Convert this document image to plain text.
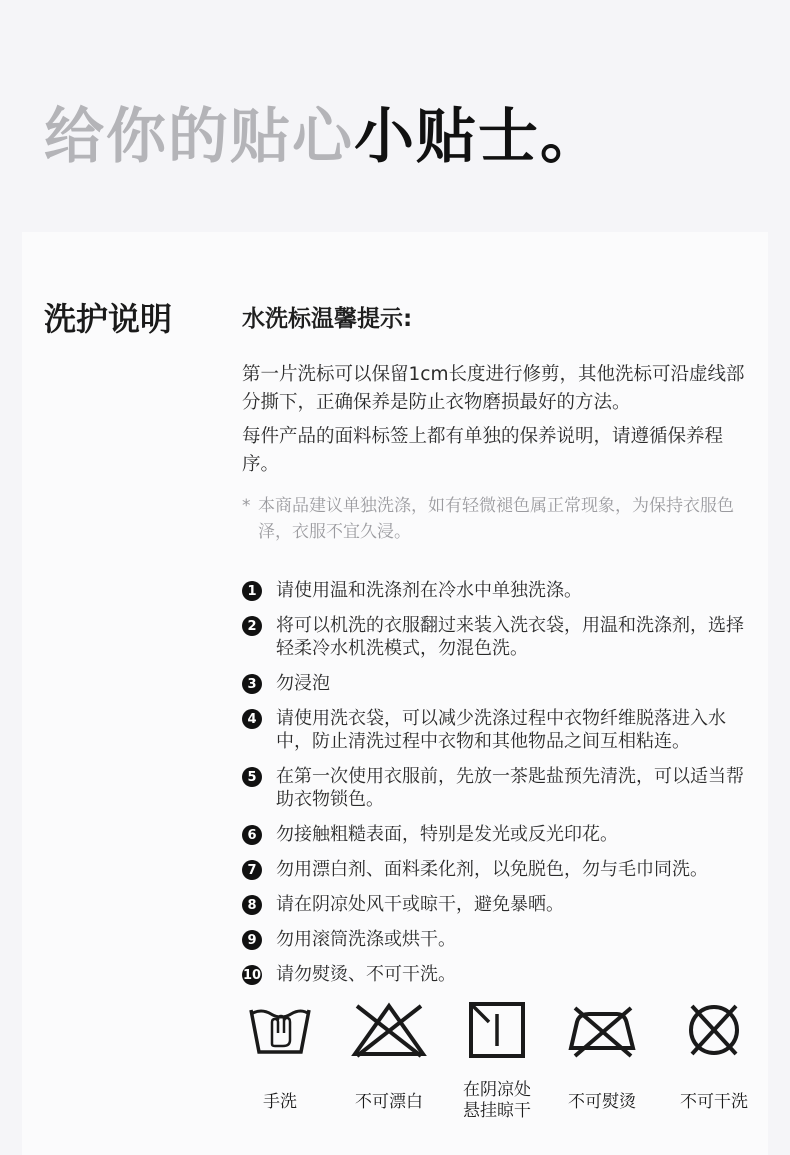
给你的贴心小贴士。
洗护说明	水洗标温馨提示:
第一片洗标可以保留1cm长度进行修剪，其他洗标可沿虚线部分撕下，正确保养是防止衣物磨损最好的方法。
每件产品的面料标签上都有单独的保养说明，请遵循保养程序。
* 本商品建议单独洗涤，如有轻微褪色属正常现象，为保持衣服色泽，衣服不宜久浸。
1	请使用温和洗涤剂在冷水中单独洗涤。
2	将可以机洗的衣服翻过来装入洗衣袋，用温和洗涤剂，选择轻柔冷水机洗模式，勿混色洗。
3	勿浸泡
4	请使用洗衣袋，可以减少洗涤过程中衣物纤维脱落进入水中，防止清洗过程中衣物和其他物品之间互相粘连。
5	在第一次使用衣服前，先放一茶匙盐预先清洗，可以适当帮助衣物锁色。
6	勿接触粗糙表面，特别是发光或反光印花。
7	勿用漂白剂、面料柔化剂，以免脱色，勿与毛巾同洗。
8	请在阴凉处风干或晾干，避免暴晒。
9	勿用滚筒洗涤或烘干。
10 请勿熨烫、不可干洗。
手洗	不可漂白
在阴凉处
悬挂晾干	不可熨烫	不可干洗
